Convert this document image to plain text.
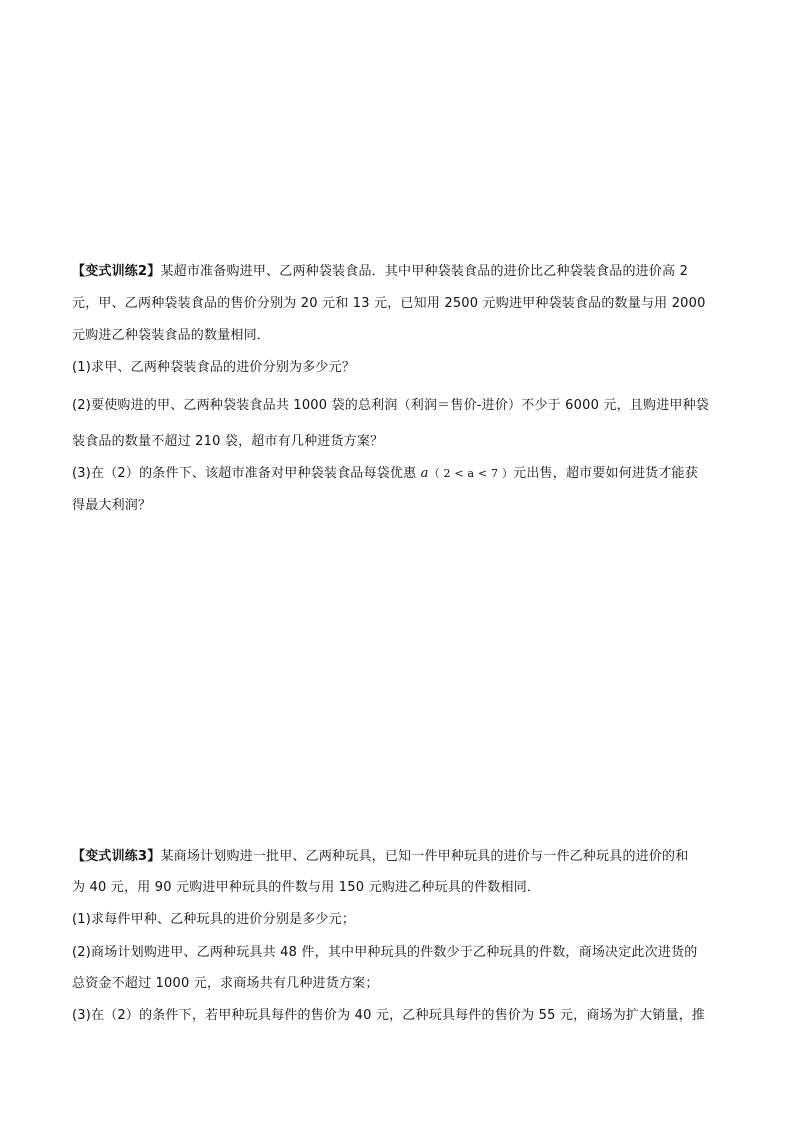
【变式训练2】某超市准备购进甲、乙两种袋装食品．其中甲种袋装食品的进价比乙种袋装食品的进价高 2
元，甲、乙两种袋装食品的售价分别为 20 元和 13 元，已知用 2500 元购进甲种袋装食品的数量与用 2000
元购进乙种袋装食品的数量相同．
(1)求甲、乙两种袋装食品的进价分别为多少元？
(2)要使购进的甲、乙两种袋装食品共 1000 袋的总利润（利润＝售价-进价）不少于 6000 元，且购进甲种袋
装食品的数量不超过 210 袋，超市有几种进货方案？
(3)在（2）的条件下、该超市准备对甲种袋装食品每袋优惠 a（ 2 < a < 7 ）元出售，超市要如何进货才能获
得最大利润？
【变式训练3】某商场计划购进一批甲、乙两种玩具，已知一件甲种玩具的进价与一件乙种玩具的进价的和
为 40 元，用 90 元购进甲种玩具的件数与用 150 元购进乙种玩具的件数相同．
(1)求每件甲种、乙种玩具的进价分别是多少元；
(2)商场计划购进甲、乙两种玩具共 48 件，其中甲种玩具的件数少于乙种玩具的件数，商场决定此次进货的
总资金不超过 1000 元，求商场共有几种进货方案；
(3)在（2）的条件下，若甲种玩具每件的售价为 40 元，乙种玩具每件的售价为 55 元，商场为扩大销量，推
